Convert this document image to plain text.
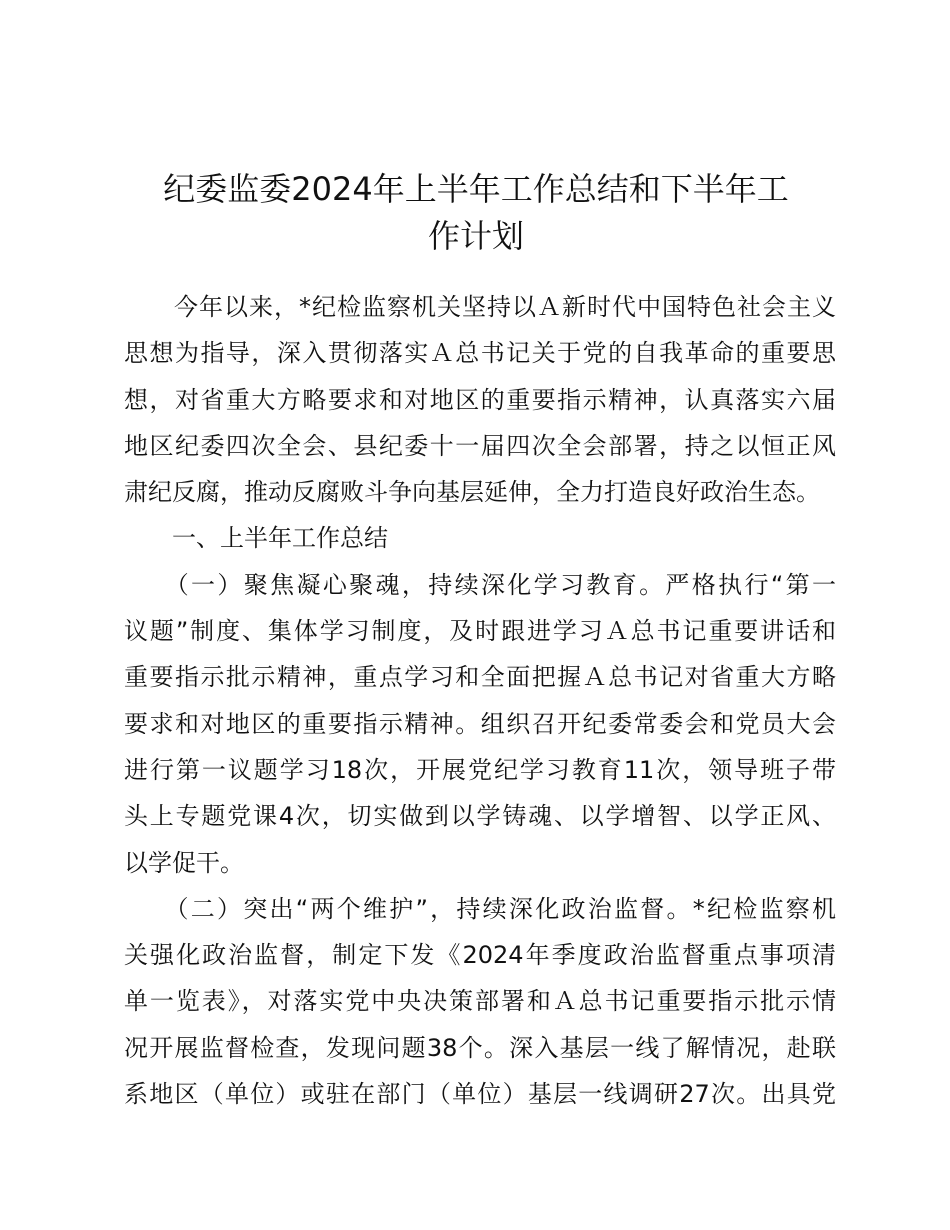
纪委监委2024年上半年工作总结和下半年工
作计划
　　今年以来，*纪检监察机关坚持以Ａ新时代中国特色社会主义
思想为指导，深入贯彻落实Ａ总书记关于党的自我革命的重要思
想，对省重大方略要求和对地区的重要指示精神，认真落实六届
地区纪委四次全会、县纪委十一届四次全会部署，持之以恒正风
肃纪反腐，推动反腐败斗争向基层延伸，全力打造良好政治生态。
　　一、上半年工作总结
　　（一）聚焦凝心聚魂，持续深化学习教育。严格执行“第一
议题”制度、集体学习制度，及时跟进学习Ａ总书记重要讲话和
重要指示批示精神，重点学习和全面把握Ａ总书记对省重大方略
要求和对地区的重要指示精神。组织召开纪委常委会和党员大会
进行第一议题学习18次，开展党纪学习教育11次，领导班子带
头上专题党课4次，切实做到以学铸魂、以学增智、以学正风、
以学促干。
　　（二）突出“两个维护”，持续深化政治监督。*纪检监察机
关强化政治监督，制定下发《2024年季度政治监督重点事项清
单一览表》，对落实党中央决策部署和Ａ总书记重要指示批示情
况开展监督检查，发现问题38个。深入基层一线了解情况，赴联
系地区（单位）或驻在部门（单位）基层一线调研27次。出具党
